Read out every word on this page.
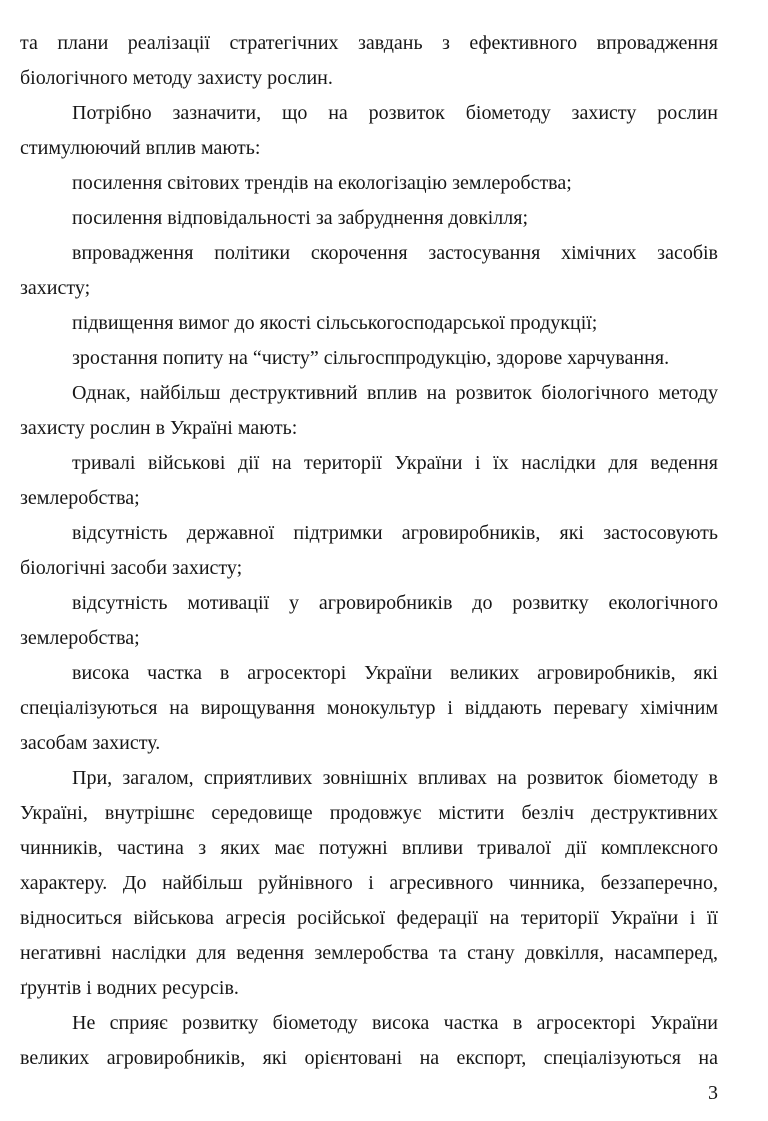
та плани реалізації стратегічних завдань з ефективного впровадження
біологічного методу захисту рослин.
Потрібно зазначити, що на розвиток біометоду захисту рослин
стимулюючий вплив мають:
посилення світових трендів на екологізацію землеробства;
посилення відповідальності за забруднення довкілля;
впровадження політики скорочення застосування хімічних засобів
захисту;
підвищення вимог до якості сільськогосподарської продукції;
зростання попиту на “чисту” сільгосппродукцію, здорове харчування.
Однак, найбільш деструктивний вплив на розвиток біологічного методу
захисту рослин в Україні мають:
тривалі військові дії на території України і їх наслідки для ведення
землеробства;
відсутність державної підтримки агровиробників, які застосовують
біологічні засоби захисту;
відсутність мотивації у агровиробників до розвитку екологічного
землеробства;
висока частка в агросекторі України великих агровиробників, які
спеціалізуються на вирощування монокультур і віддають перевагу хімічним
засобам захисту.
При, загалом, сприятливих зовнішніх впливах на розвиток біометоду в
Україні, внутрішнє середовище продовжує містити безліч деструктивних
чинників, частина з яких має потужні впливи тривалої дії комплексного
характеру. До найбільш руйнівного і агресивного чинника, беззаперечно,
відноситься військова агресія російської федерації на території України і її
негативні наслідки для ведення землеробства та стану довкілля, насамперед,
ґрунтів і водних ресурсів.
Не сприяє розвитку біометоду висока частка в агросекторі України
великих агровиробників, які орієнтовані на експорт, спеціалізуються на
3
